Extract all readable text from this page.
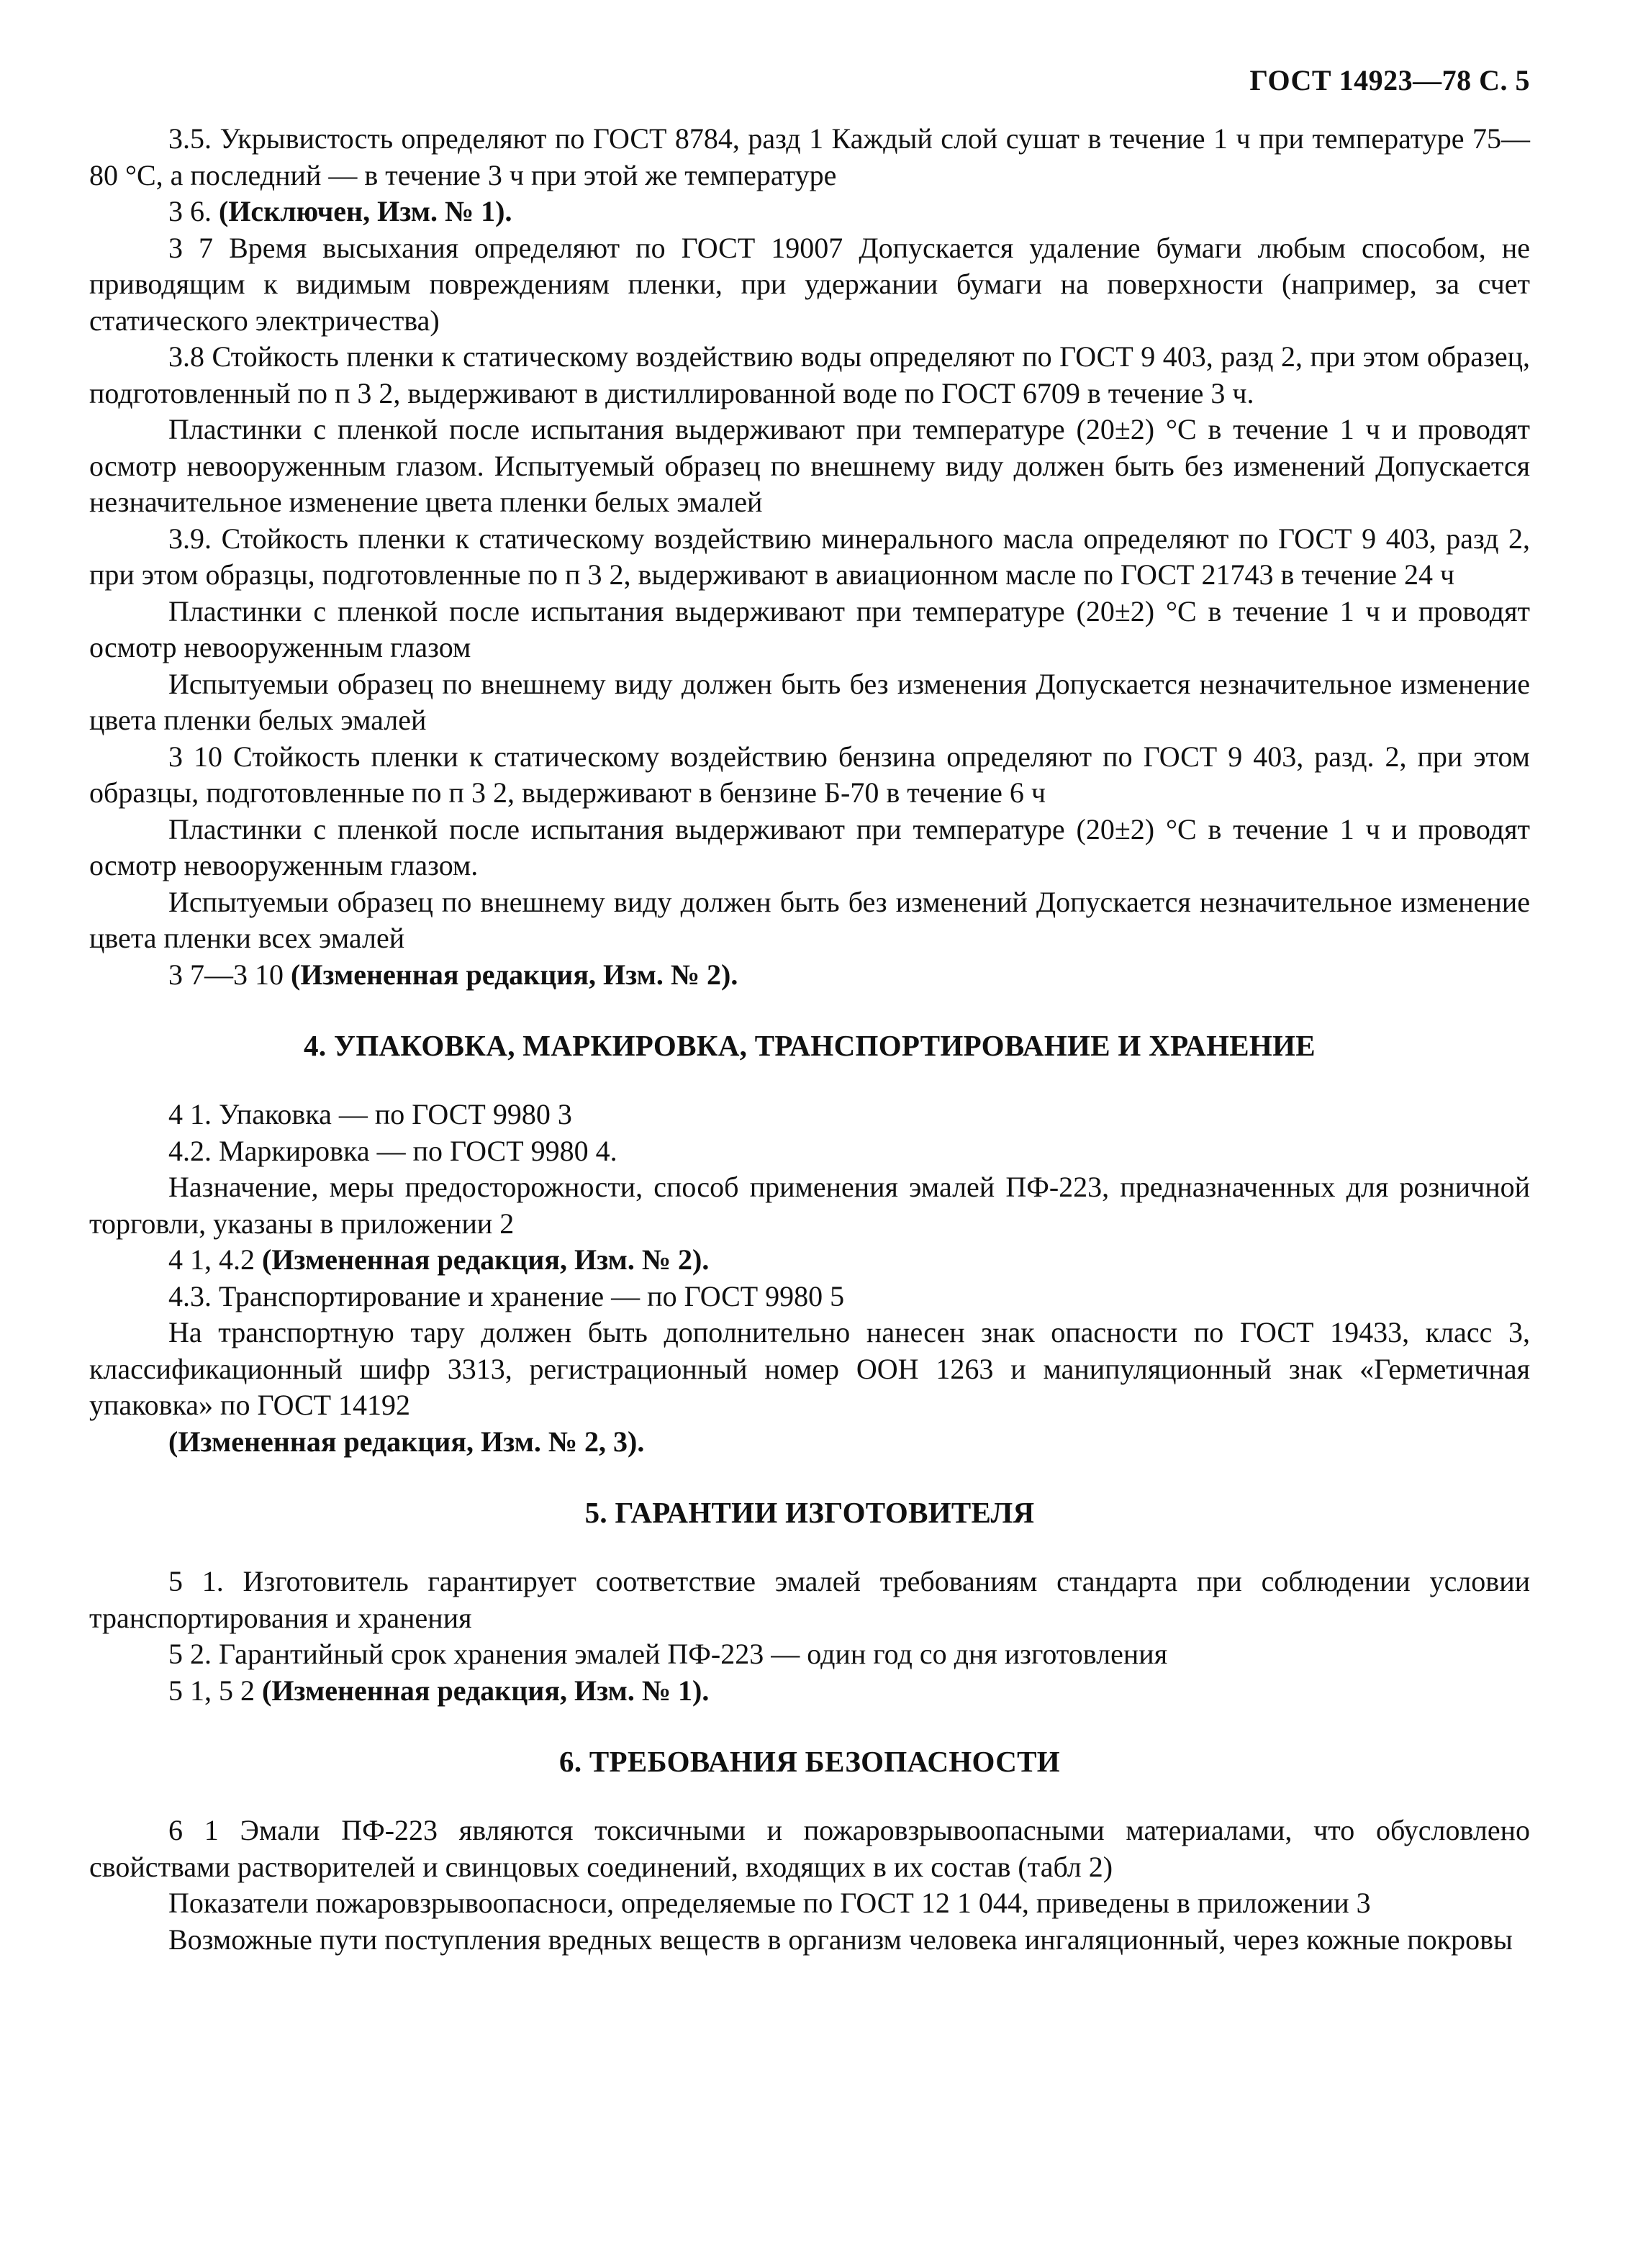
ГОСТ 14923—78 С. 5

3.5. Укрывистость определяют по ГОСТ 8784, разд 1 Каждый слой сушат в течение 1 ч при температуре 75—80 °С, а последний — в течение 3 ч при этой же температуре

3 6. (Исключен, Изм. № 1).

3 7 Время высыхания определяют по ГОСТ 19007 Допускается удаление бумаги любым способом, не приводящим к видимым повреждениям пленки, при удержании бумаги на поверхности (например, за счет статического электричества)

3.8 Стойкость пленки к статическому воздействию воды определяют по ГОСТ 9 403, разд 2, при этом образец, подготовленный по п 3 2, выдерживают в дистиллированной воде по ГОСТ 6709 в течение 3 ч.

Пластинки с пленкой после испытания выдерживают при температуре (20±2) °С в течение 1 ч и проводят осмотр невооруженным глазом. Испытуемый образец по внешнему виду должен быть без изменений Допускается незначительное изменение цвета пленки белых эмалей

3.9. Стойкость пленки к статическому воздействию минерального масла определяют по ГОСТ 9 403, разд 2, при этом образцы, подготовленные по п 3 2, выдерживают в авиационном масле по ГОСТ 21743 в течение 24 ч

Пластинки с пленкой после испытания выдерживают при температуре (20±2) °С в течение 1 ч и проводят осмотр невооруженным глазом

Испытуемыи образец по внешнему виду должен быть без изменения Допускается незначительное изменение цвета пленки белых эмалей

3 10 Стойкость пленки к статическому воздействию бензина определяют по ГОСТ 9 403, разд. 2, при этом образцы, подготовленные по п 3 2, выдерживают в бензине Б-70 в течение 6 ч

Пластинки с пленкой после испытания выдерживают при температуре (20±2) °С в течение 1 ч и проводят осмотр невооруженным глазом.

Испытуемыи образец по внешнему виду должен быть без изменений Допускается незначительное изменение цвета пленки всех эмалей

3 7—3 10 (Измененная редакция, Изм. № 2).

4. УПАКОВКА, МАРКИРОВКА, ТРАНСПОРТИРОВАНИЕ И ХРАНЕНИЕ

4 1. Упаковка — по ГОСТ 9980 3

4.2. Маркировка — по ГОСТ 9980 4.

Назначение, меры предосторожности, способ применения эмалей ПФ-223, предназначенных для розничной торговли, указаны в приложении 2

4 1, 4.2 (Измененная редакция, Изм. № 2).

4.3. Транспортирование и хранение — по ГОСТ 9980 5

На транспортную тару должен быть дополнительно нанесен знак опасности по ГОСТ 19433, класс 3, классификационный шифр 3313, регистрационный номер ООН 1263 и манипуляционный знак «Герметичная упаковка» по ГОСТ 14192

(Измененная редакция, Изм. № 2, 3).

5. ГАРАНТИИ ИЗГОТОВИТЕЛЯ

5 1. Изготовитель гарантирует соответствие эмалей требованиям стандарта при соблюдении условии транспортирования и хранения

5 2. Гарантийный срок хранения эмалей ПФ-223 — один год со дня изготовления

5 1, 5 2 (Измененная редакция, Изм. № 1).

6. ТРЕБОВАНИЯ БЕЗОПАСНОСТИ

6 1 Эмали ПФ-223 являются токсичными и пожаровзрывоопасными материалами, что обусловлено свойствами растворителей и свинцовых соединений, входящих в их состав (табл 2)

Показатели пожаровзрывоопасноси, определяемые по ГОСТ 12 1 044, приведены в приложении 3

Возможные пути поступления вредных веществ в организм человека ингаляционный, через кожные покровы
